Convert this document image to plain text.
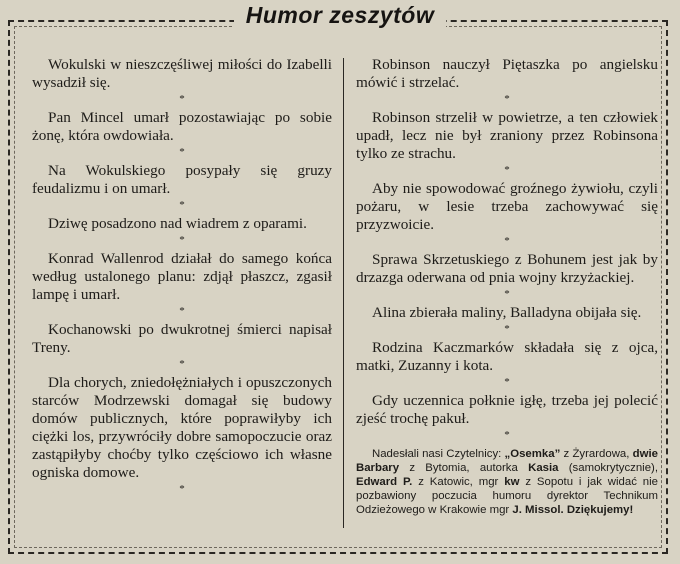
Humor zeszytów

Wokulski w nieszczęśliwej miłości do Izabelli wysadził się.

*

Pan Mincel umarł pozostawiając po sobie żonę, która owdowiała.

*

Na Wokulskiego posypały się gruzy feudalizmu i on umarł.

*

Dziwę posadzono nad wiadrem z oparami.

*

Konrad Wallenrod działał do samego końca według ustalonego planu: zdjął płaszcz, zgasił lampę i umarł.

*

Kochanowski po dwukrotnej śmierci napisał Treny.

*

Dla chorych, zniedołężniałych i opuszczonych starców Modrzewski domagał się budowy domów publicznych, które poprawiłyby ich ciężki los, przywróciły dobre samopoczucie oraz zastąpiłyby choćby tylko częściowo ich własne ogniska domowe.

*

Robinson nauczył Piętaszka po angielsku mówić i strzelać.

*

Robinson strzelił w powietrze, a ten człowiek upadł, lecz nie był zraniony przez Robinsona tylko ze strachu.

*

Aby nie spowodować groźnego żywiołu, czyli pożaru, w lesie trzeba zachowywać się przyzwoicie.

*

Sprawa Skrzetuskiego z Bohunem jest jak by drzazga oderwana od pnia wojny krzyżackiej.

*

Alina zbierała maliny, Balladyna obijała się.

*

Rodzina Kaczmarków składała się z ojca, matki, Zuzanny i kota.

*

Gdy uczennica połknie igłę, trzeba jej polecić zjeść trochę pakuł.

*

Nadesłali nasi Czytelnicy: „Osemka” z Żyrardowa, dwie Barbary z Bytomia, autorka Kasia (samokrytycznie), Edward P. z Katowic, mgr kw z Sopotu i jak widać nie pozbawiony poczucia humoru dyrektor Technikum Odzieżowego w Krakowie mgr J. Missol. Dziękujemy!
